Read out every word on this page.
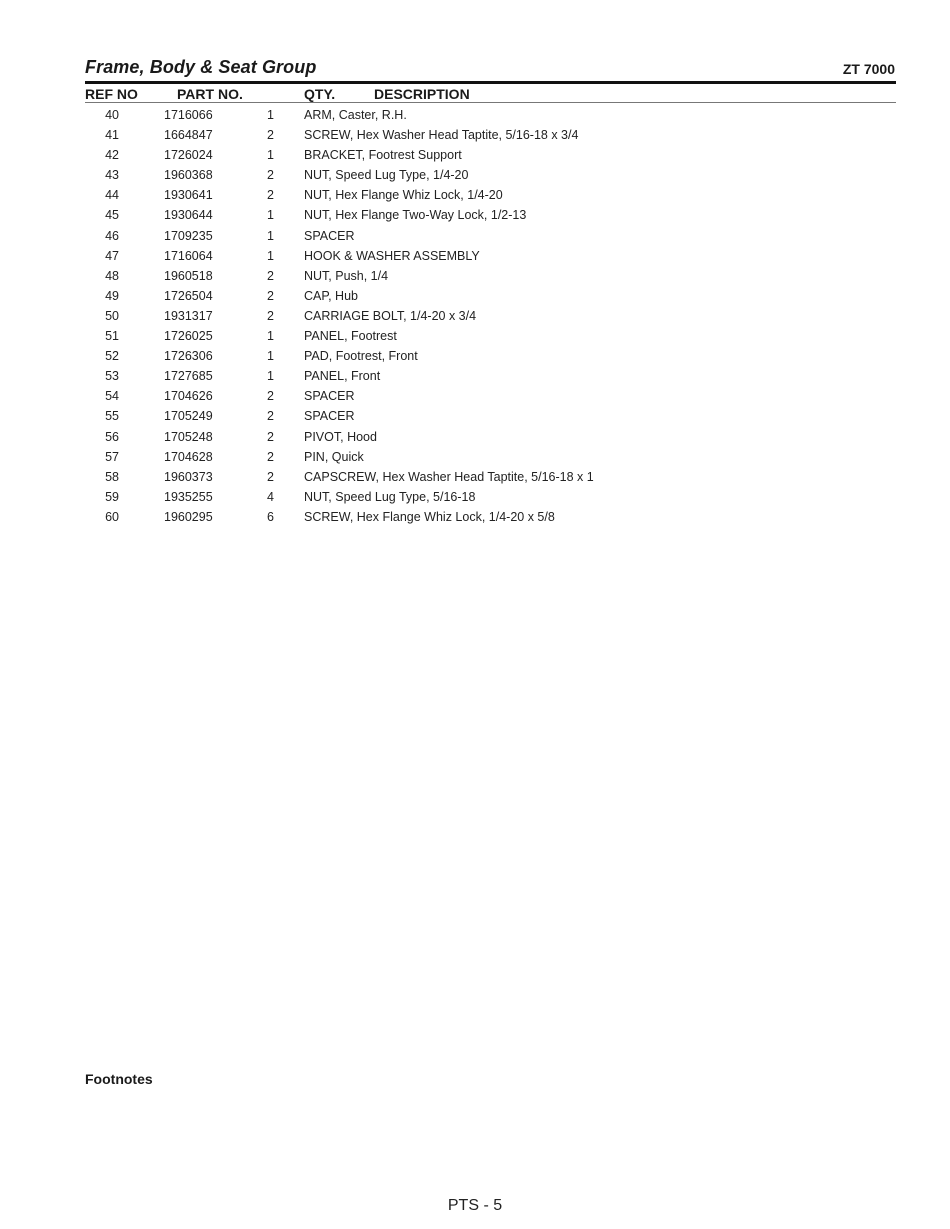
Frame, Body & Seat Group	ZT 7000
REF NO	PART NO.	QTY.	DESCRIPTION
40	1716066	1 ARM, Caster, R.H.
41	1664847	2 SCREW, Hex Washer Head Taptite, 5/16-18 x 3/4
42	1726024	1 BRACKET, Footrest Support
43	1960368	2 NUT, Speed Lug Type, 1/4-20
44	1930641	2 NUT, Hex Flange Whiz Lock, 1/4-20
45	1930644	1 NUT, Hex Flange Two-Way Lock, 1/2-13
46	1709235	1 SPACER
47	1716064	1 HOOK & WASHER ASSEMBLY
48	1960518	2 NUT, Push, 1/4
49	1726504	2 CAP, Hub
50	1931317	2 CARRIAGE BOLT, 1/4-20 x 3/4
51	1726025	1 PANEL, Footrest
52	1726306	1 PAD, Footrest, Front
53	1727685	1 PANEL, Front
54	1704626	2 SPACER
55	1705249	2 SPACER
56	1705248	2 PIVOT, Hood
57	1704628	2 PIN, Quick
58	1960373	2 CAPSCREW, Hex Washer Head Taptite, 5/16-18 x 1
59	1935255	4 NUT, Speed Lug Type, 5/16-18
60	1960295	6 SCREW, Hex Flange Whiz Lock, 1/4-20 x 5/8
Footnotes
PTS - 5
